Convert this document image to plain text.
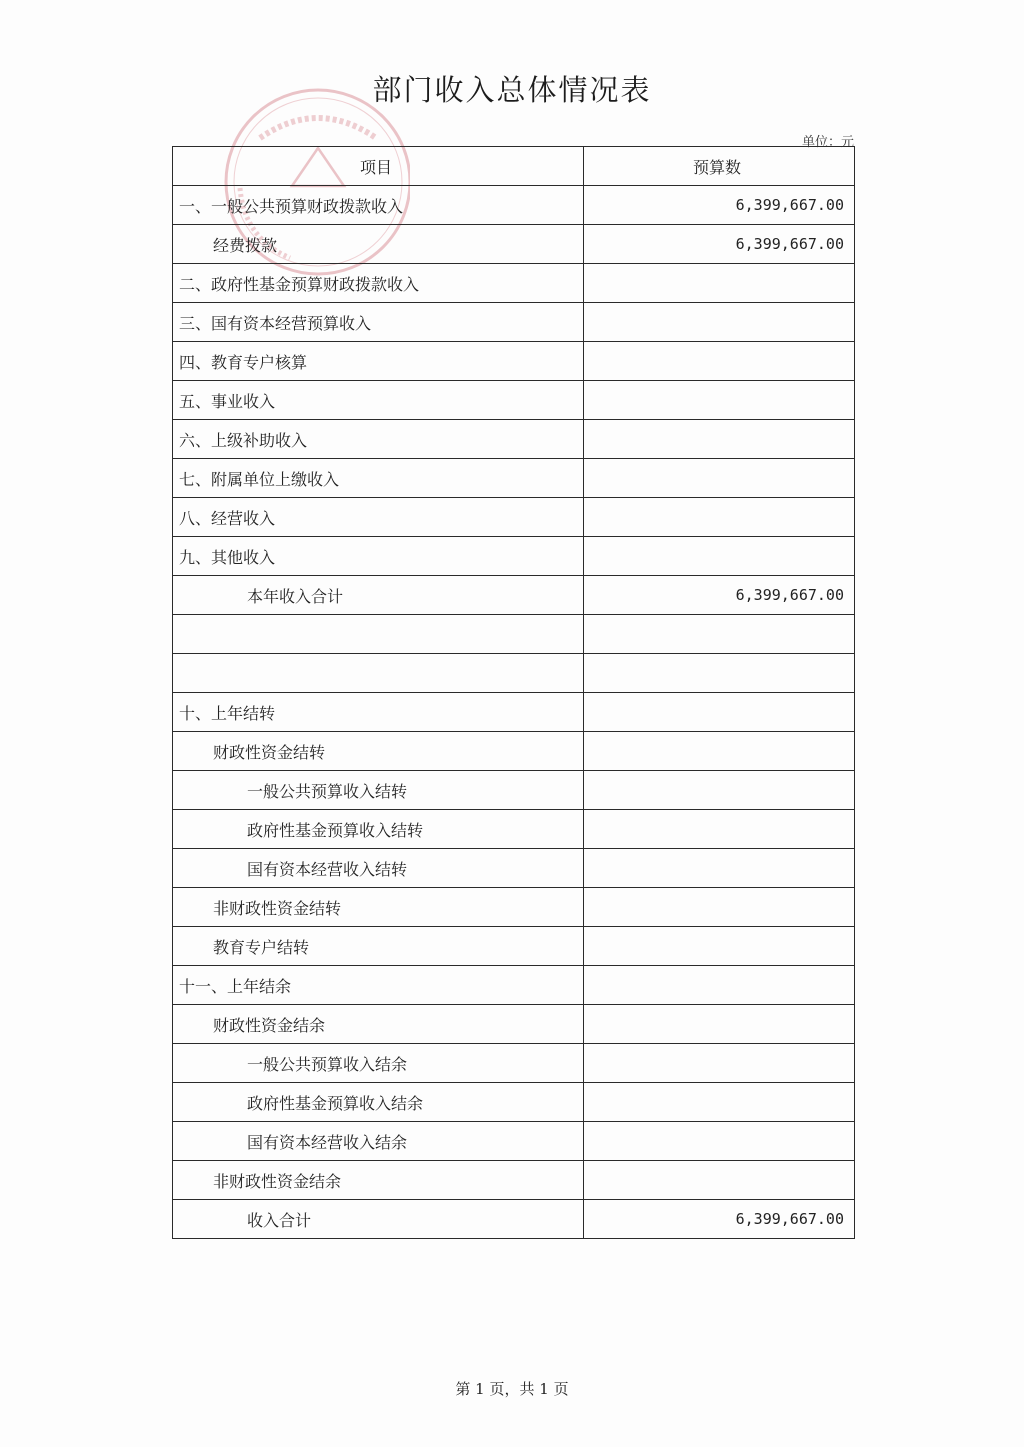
部门收入总体情况表
单位：元
项目	预算数
一、一般公共预算财政拨款收入	6,399,667.00
经费拨款	6,399,667.00
二、政府性基金预算财政拨款收入	
三、国有资本经营预算收入	
四、教育专户核算	
五、事业收入	
六、上级补助收入	
七、附属单位上缴收入	
八、经营收入	
九、其他收入	
本年收入合计	6,399,667.00

十、上年结转	
财政性资金结转	
一般公共预算收入结转	
政府性基金预算收入结转	
国有资本经营收入结转	
非财政性资金结转	
教育专户结转	
十一、上年结余	
财政性资金结余	
一般公共预算收入结余	
政府性基金预算收入结余	
国有资本经营收入结余	
非财政性资金结余	
收入合计	6,399,667.00
第 1 页，共 1 页
